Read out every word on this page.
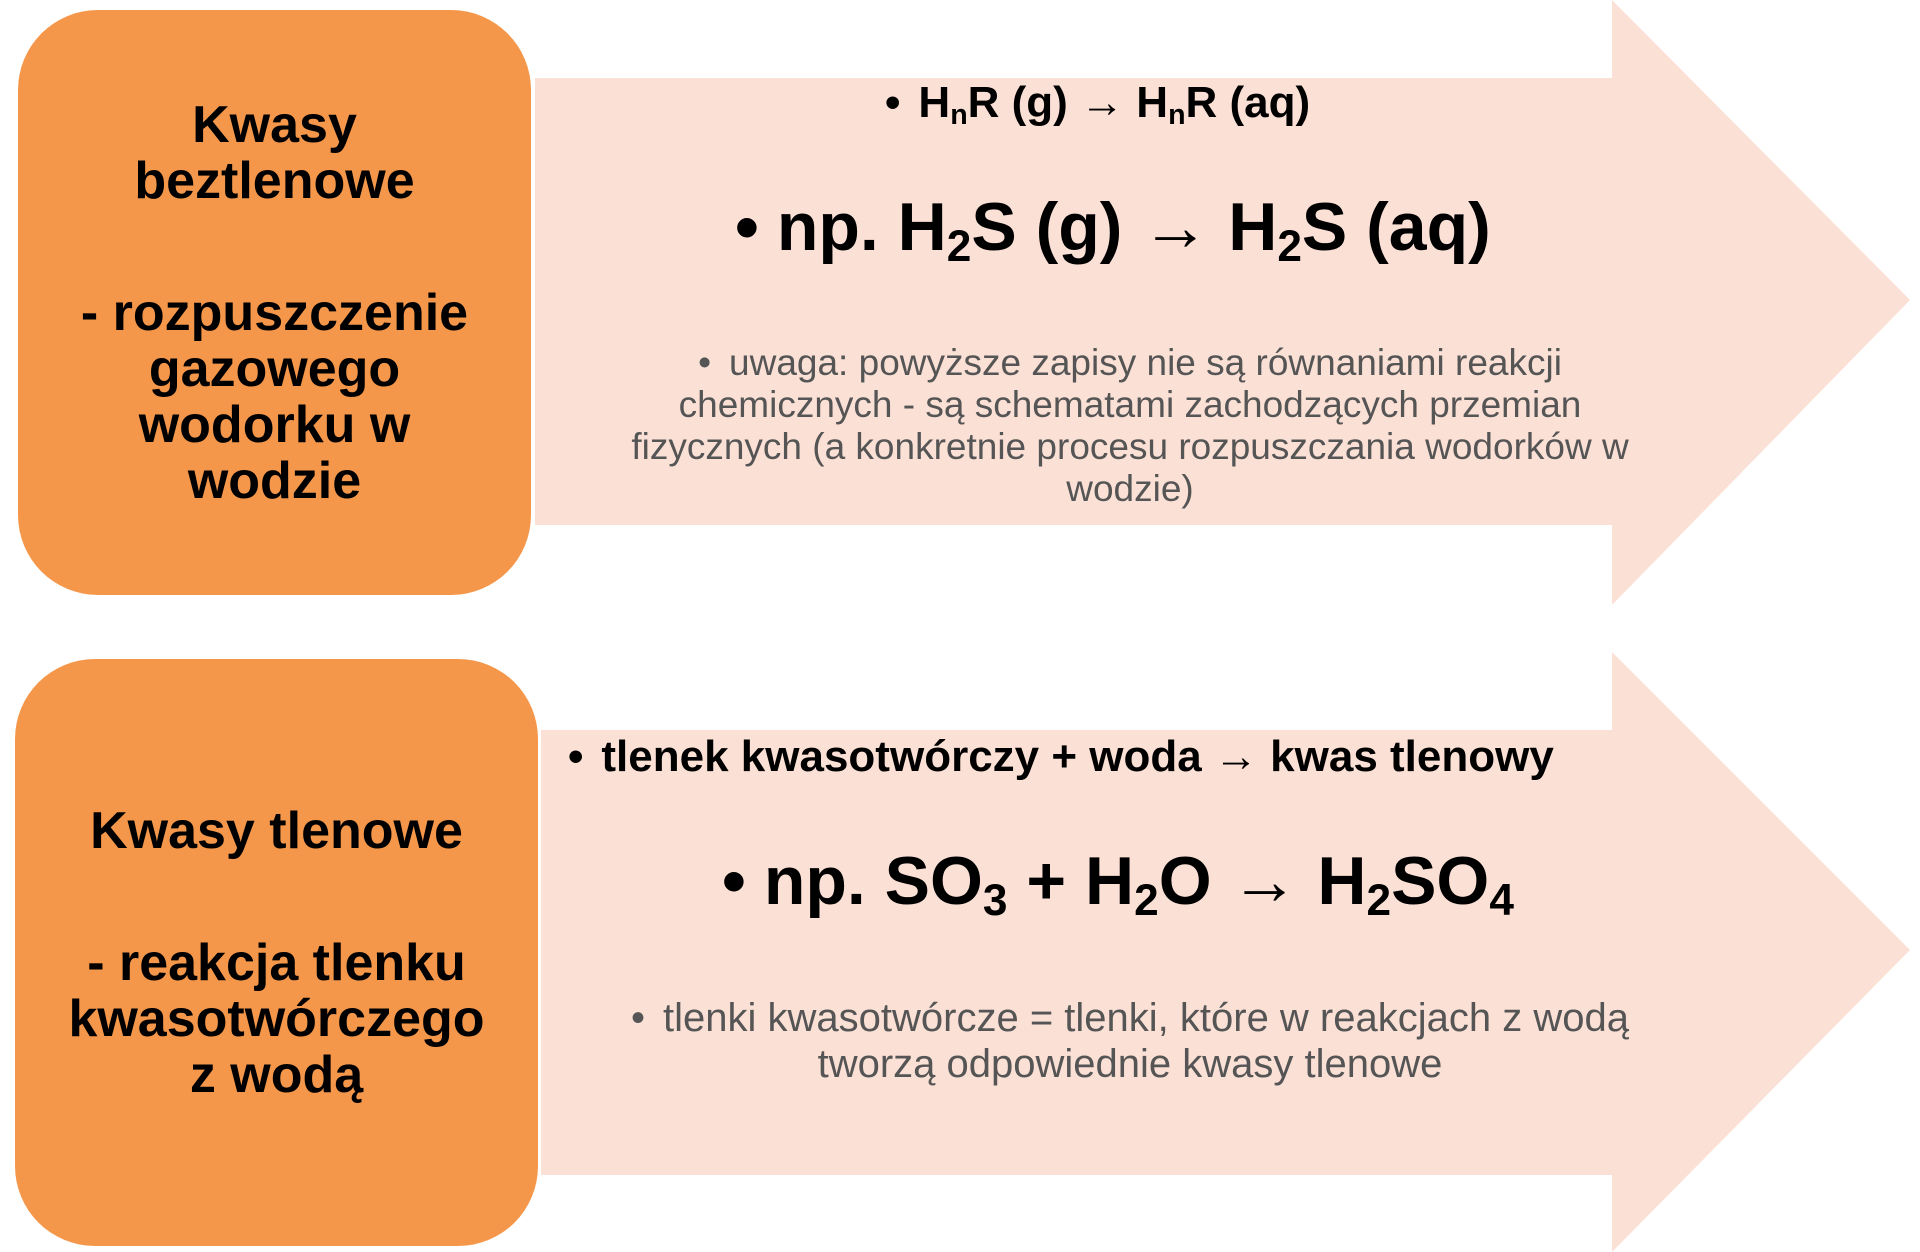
Kwasy beztlenowe
- rozpuszczenie gazowego wodorku w wodzie
Kwasy tlenowe
- reakcja tlenku kwasotwórczego z wodą
• $H_nR$ $(g) \to H_nR$ (aq)
• np. $H_2S$ $(g) \to H_2S$ (aq)
• uwaga: powyższe zapisy nie są równaniami reakcji chemicznych - są schematami zachodzących przemian fizycznych (a konkretnie procesu rozpuszczania wodorków w wodzie)
• tlenek kwasotwórczy + woda → kwas tlenowy
• np. $SO_3 + H_2O \to H_2SO_4$
• tlenki kwasotwórcze = tlenki, które w reakcjach z wodą tworzą odpowiednie kwasy tlenowe
